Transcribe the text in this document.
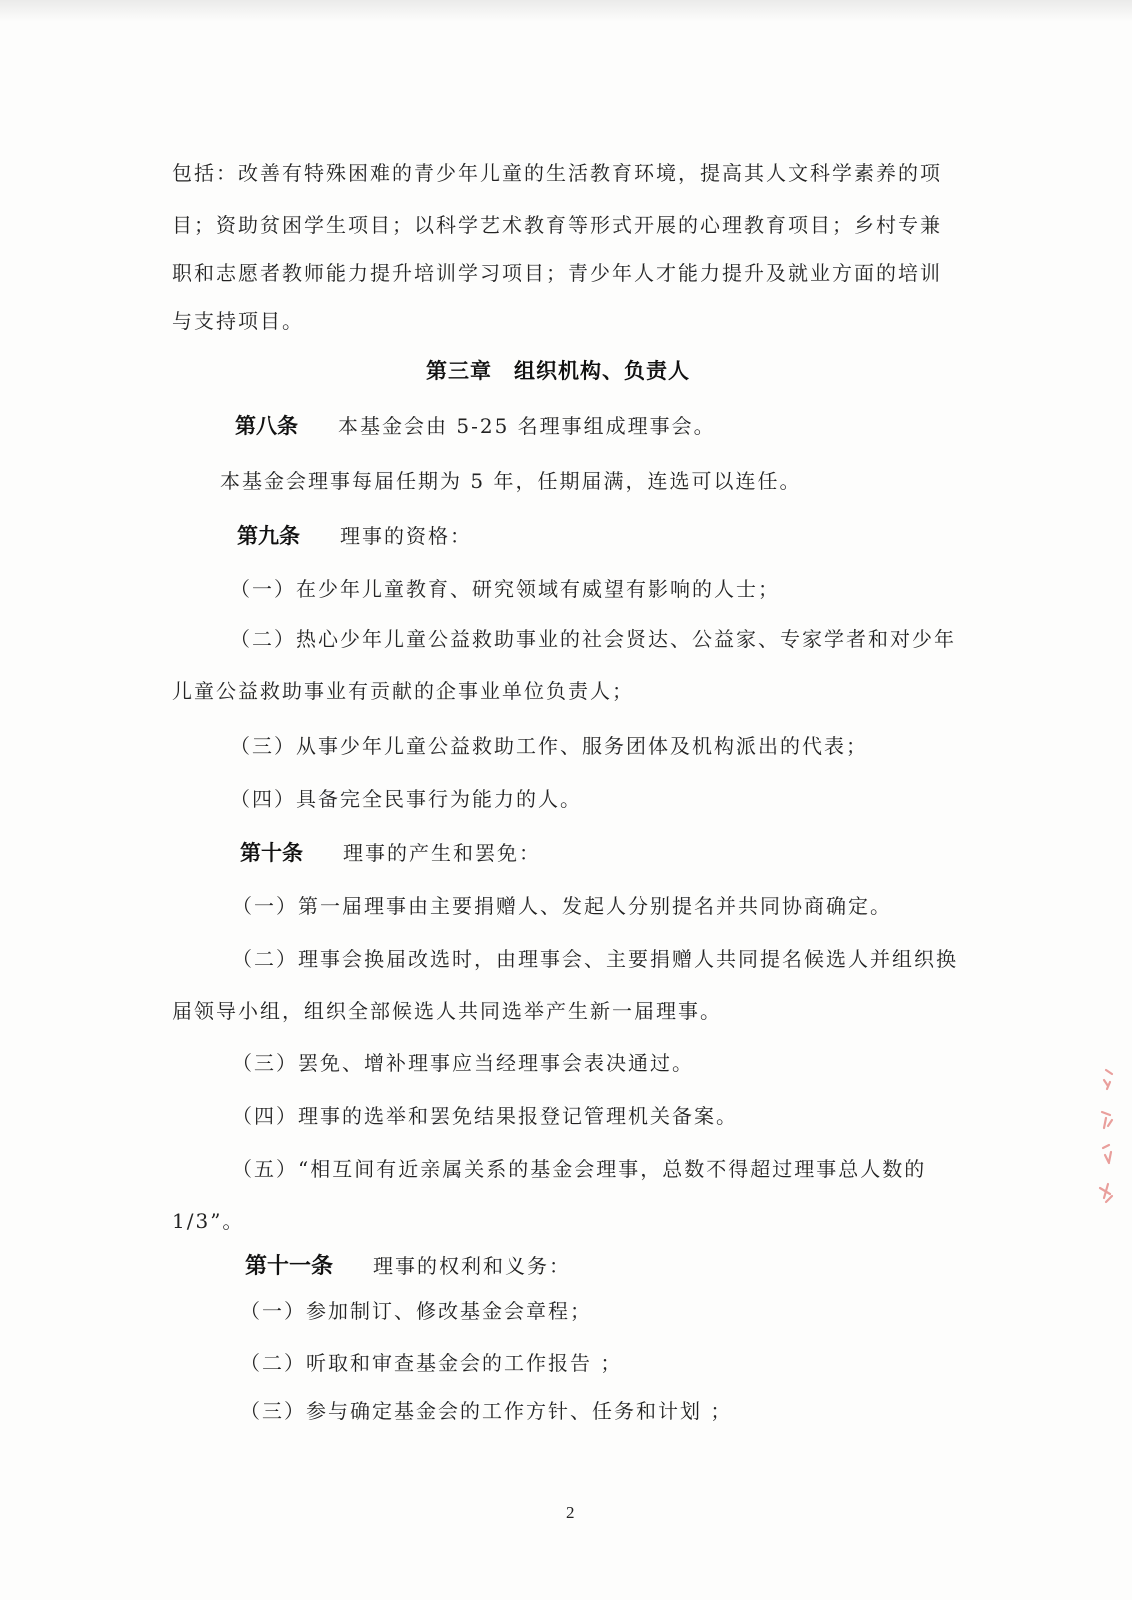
包括：改善有特殊困难的青少年儿童的生活教育环境，提高其人文科学素养的项
目；资助贫困学生项目；以科学艺术教育等形式开展的心理教育项目；乡村专兼
职和志愿者教师能力提升培训学习项目；青少年人才能力提升及就业方面的培训
与支持项目。
第三章　组织机构、负责人
第八条 本基金会由 5-25 名理事组成理事会。
本基金会理事每届任期为 5 年，任期届满，连选可以连任。
第九条 理事的资格：
（一）在少年儿童教育、研究领域有威望有影响的人士；
（二）热心少年儿童公益救助事业的社会贤达、公益家、专家学者和对少年
儿童公益救助事业有贡献的企事业单位负责人；
（三）从事少年儿童公益救助工作、服务团体及机构派出的代表；
（四）具备完全民事行为能力的人。
第十条 理事的产生和罢免：
（一）第一届理事由主要捐赠人、发起人分别提名并共同协商确定。
（二）理事会换届改选时，由理事会、主要捐赠人共同提名候选人并组织换
届领导小组，组织全部候选人共同选举产生新一届理事。
（三）罢免、增补理事应当经理事会表决通过。
（四）理事的选举和罢免结果报登记管理机关备案。
（五）“相互间有近亲属关系的基金会理事，总数不得超过理事总人数的
1/3”。
第十一条 理事的权利和义务：
（一）参加制订、修改基金会章程；
（二）听取和审查基金会的工作报告 ；
（三）参与确定基金会的工作方针、任务和计划 ；
2
